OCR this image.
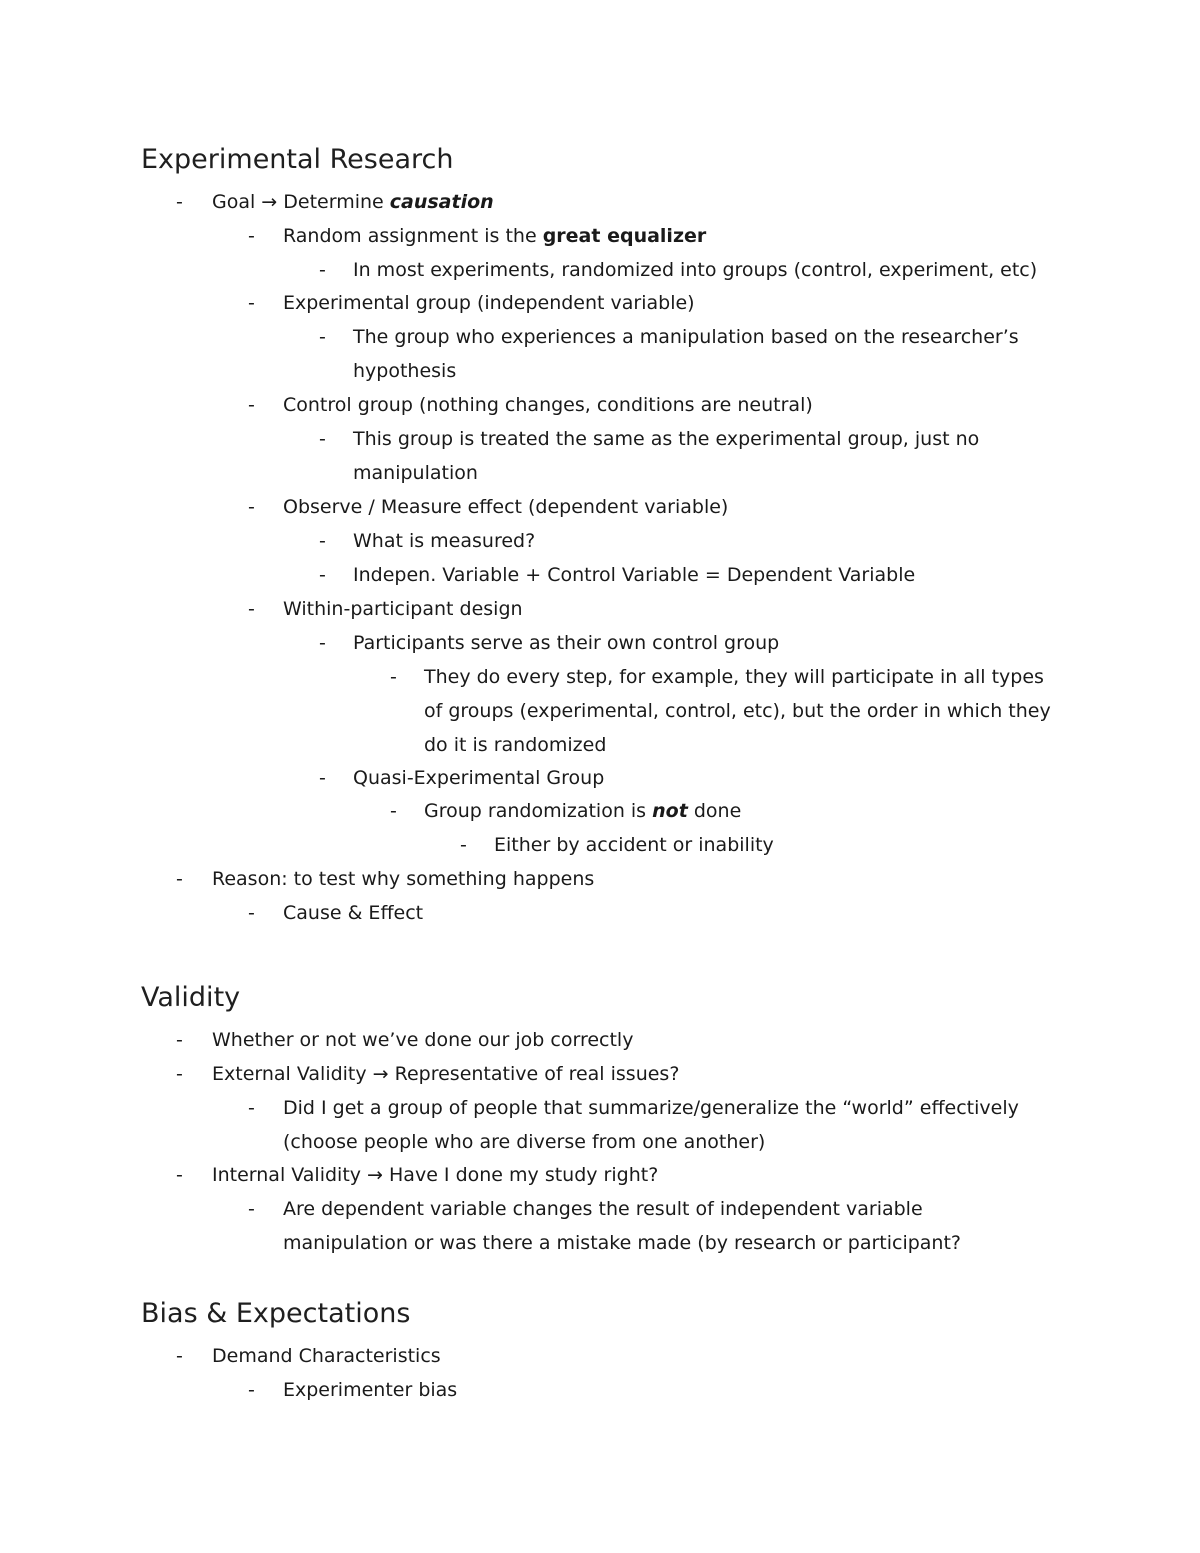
Experimental Research
- Goal → Determine causation
- Random assignment is the great equalizer
- In most experiments, randomized into groups (control, experiment, etc)
- Experimental group (independent variable)
- The group who experiences a manipulation based on the researcher’s
hypothesis
- Control group (nothing changes, conditions are neutral)
- This group is treated the same as the experimental group, just no
manipulation
- Observe / Measure effect (dependent variable)
- What is measured?
- Indepen. Variable + Control Variable = Dependent Variable
- Within-participant design
- Participants serve as their own control group
- They do every step, for example, they will participate in all types
of groups (experimental, control, etc), but the order in which they
do it is randomized
- Quasi-Experimental Group
- Group randomization is not done
- Either by accident or inability
- Reason: to test why something happens
- Cause & Effect
Validity
- Whether or not we’ve done our job correctly
- External Validity → Representative of real issues?
- Did I get a group of people that summarize/generalize the “world” effectively
(choose people who are diverse from one another)
- Internal Validity → Have I done my study right?
- Are dependent variable changes the result of independent variable
manipulation or was there a mistake made (by research or participant?
Bias & Expectations
- Demand Characteristics
- Experimenter bias
